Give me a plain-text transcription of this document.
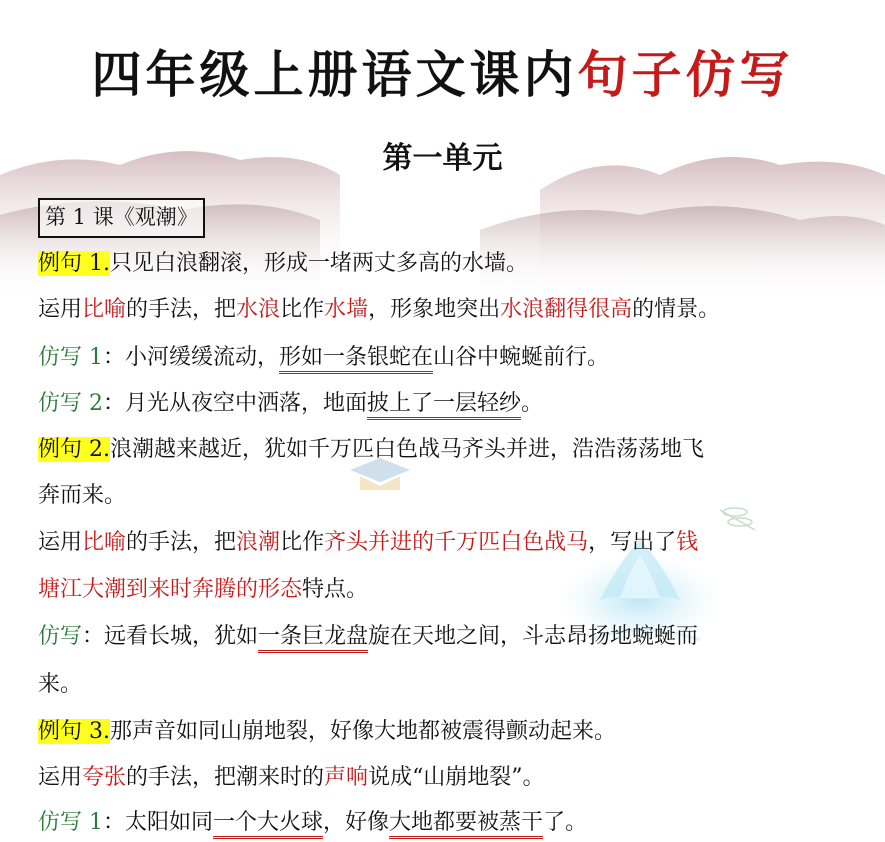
四年级上册语文课内句子仿写
第一单元
第 1 课《观潮》
例句 1.只见白浪翻滚，形成一堵两丈多高的水墙。
运用比喻的手法，把水浪比作水墙，形象地突出水浪翻得很高的情景。
仿写 1：小河缓缓流动，形如一条银蛇在山谷中蜿蜒前行。
仿写 2：月光从夜空中洒落，地面披上了一层轻纱。
例句 2.浪潮越来越近，犹如千万匹白色战马齐头并进，浩浩荡荡地飞
奔而来。
运用比喻的手法，把浪潮比作齐头并进的千万匹白色战马，写出了钱
塘江大潮到来时奔腾的形态特点。
仿写：远看长城，犹如一条巨龙盘旋在天地之间，斗志昂扬地蜿蜒而
来。
例句 3.那声音如同山崩地裂，好像大地都被震得颤动起来。
运用夸张的手法，把潮来时的声响说成“山崩地裂”。
仿写 1：太阳如同一个大火球，好像大地都要被蒸干了。
